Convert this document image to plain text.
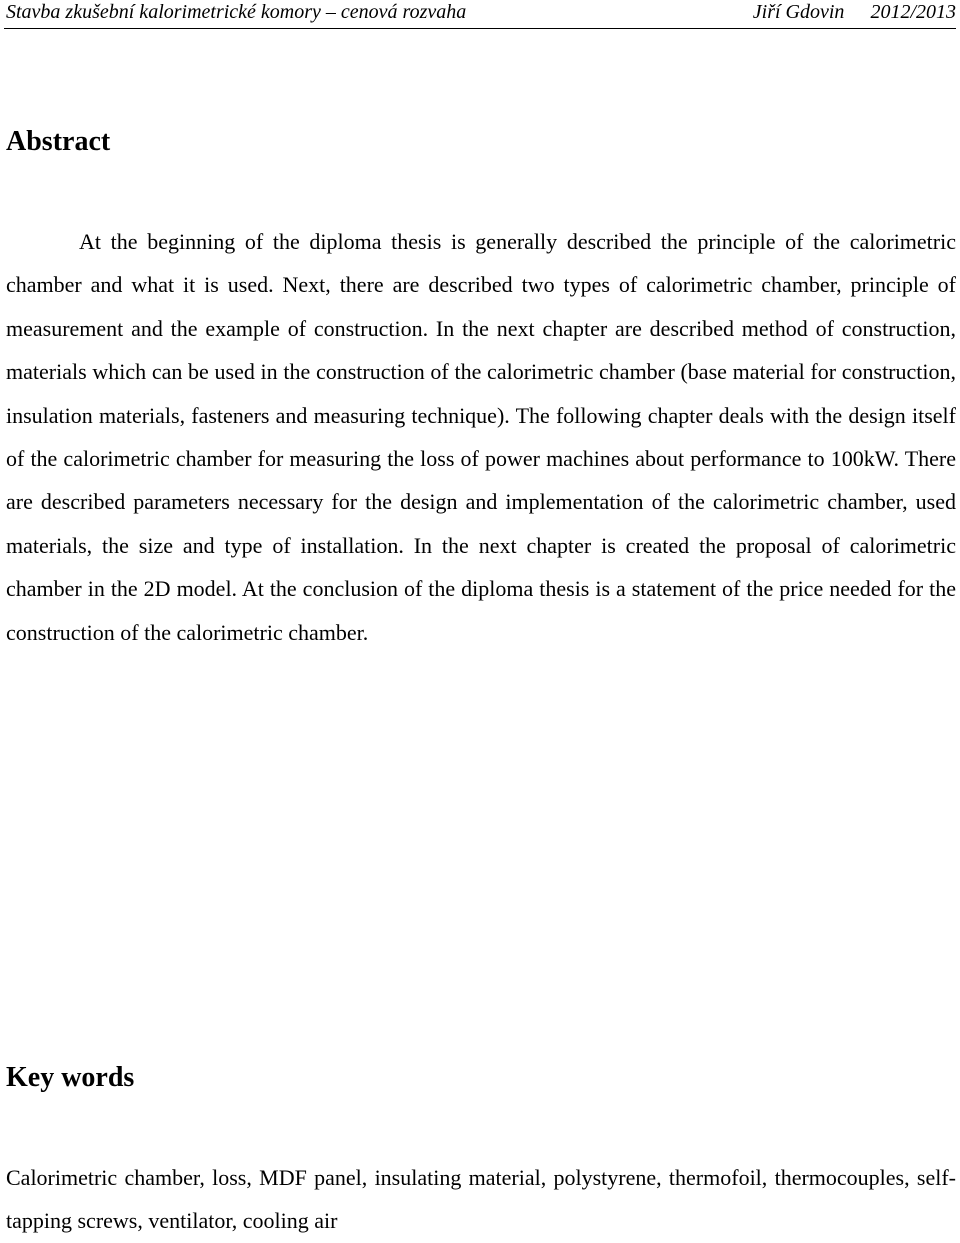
Stavba zkušební kalorimetrické komory – cenová rozvaha	Jiří Gdovin 2012/2013
Abstract

At the beginning of the diploma thesis is generally described the principle of the calorimetric chamber and what it is used. Next, there are described two types of calorimetric chamber, principle of measurement and the example of construction. In the next chapter are described method of construction, materials which can be used in the construction of the calorimetric chamber (base material for construction, insulation materials, fasteners and measuring technique). The following chapter deals with the design itself of the calorimetric chamber for measuring the loss of power machines about performance to 100kW. There are described parameters necessary for the design and implementation of the calorimetric chamber, used materials, the size and type of installation. In the next chapter is created the proposal of calorimetric chamber in the 2D model. At the conclusion of the diploma thesis is a statement of the price needed for the construction of the calorimetric chamber.

Key words

Calorimetric chamber, loss, MDF panel, insulating material, polystyrene, thermofoil, thermocouples, self-tapping screws, ventilator, cooling air
